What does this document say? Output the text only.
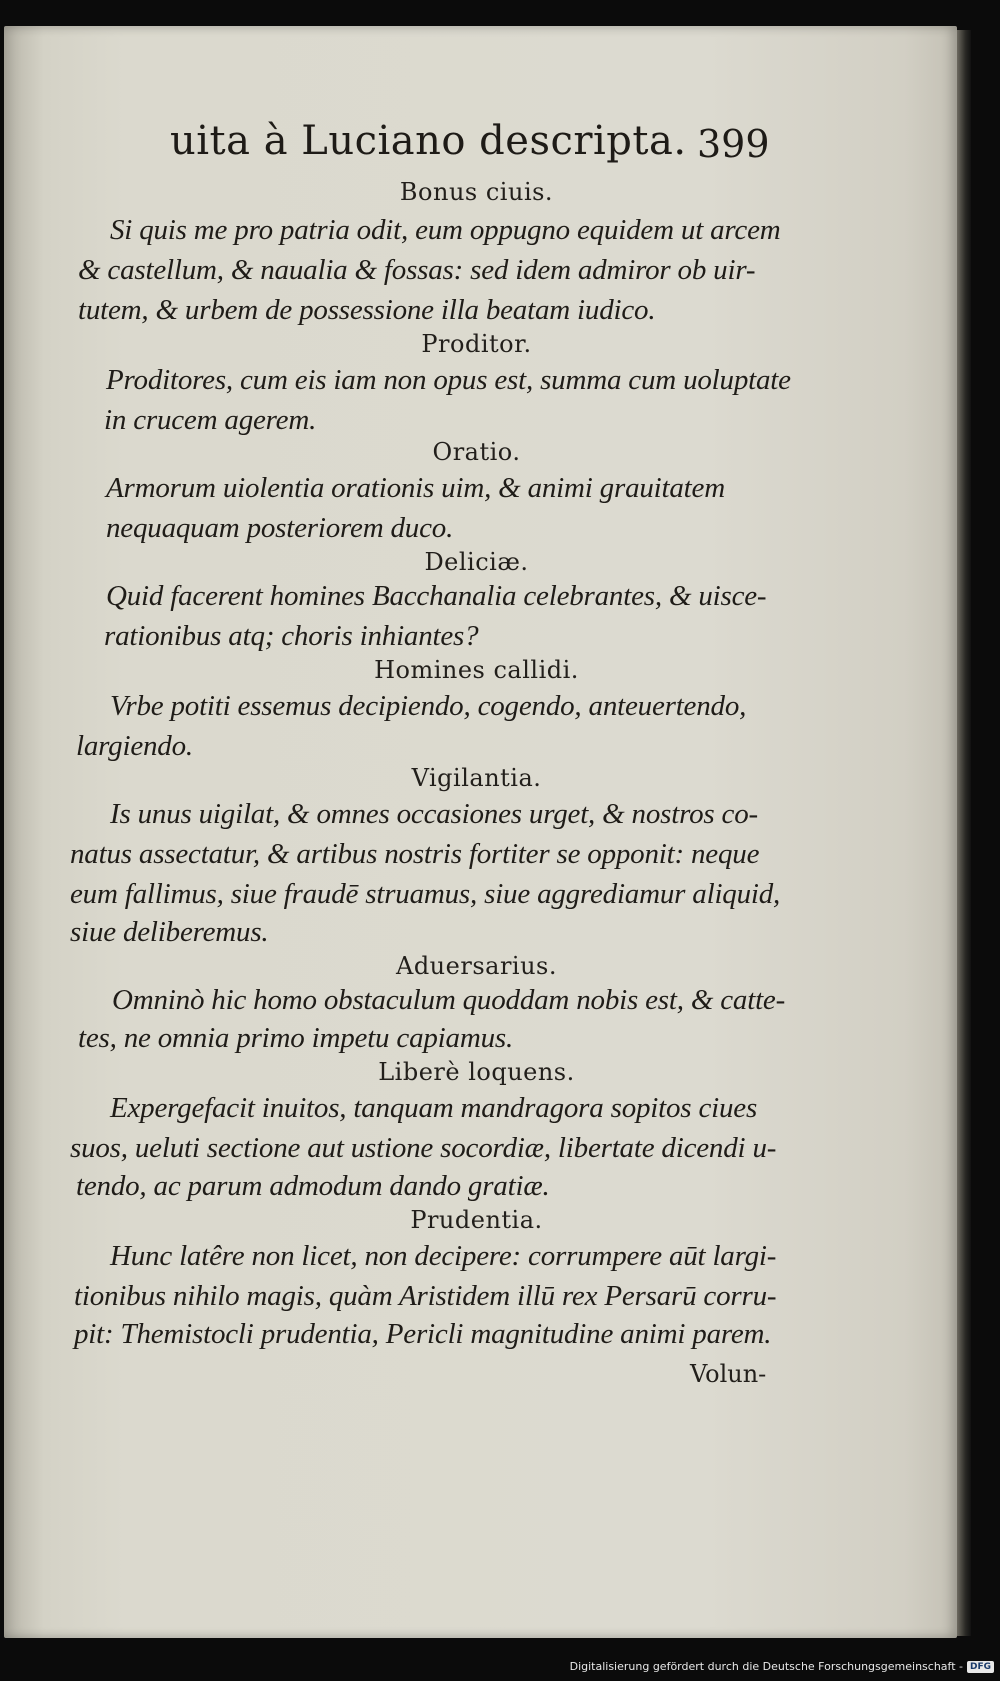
uita à Luciano descripta. 399
Bonus ciuis.
Si quis me pro patria odit, eum oppugno equidem ut arcem
& castellum, & naualia & fossas: sed idem admiror ob uir-
tutem, & urbem de possessione illa beatam iudico.
Proditor.
Proditores, cum eis iam non opus est, summa cum uoluptate
in crucem agerem.
Oratio.
Armorum uiolentia orationis uim, & animi grauitatem
nequaquam posteriorem duco.
Deliciæ.
Quid facerent homines Bacchanalia celebrantes, & uisce-
rationibus atq; choris inhiantes?
Homines callidi.
Vrbe potiti essemus decipiendo, cogendo, anteuertendo,
largiendo.
Vigilantia.
Is unus uigilat, & omnes occasiones urget, & nostros co-
natus assectatur, & artibus nostris fortiter se opponit: neque
eum fallimus, siue fraudē struamus, siue aggrediamur aliquid,
siue deliberemus.
Aduersarius.
Omninò hic homo obstaculum quoddam nobis est, & catte-
tes, ne omnia primo impetu capiamus.
Liberè loquens.
Expergefacit inuitos, tanquam mandragora sopitos ciues
suos, ueluti sectione aut ustione socordiæ, libertate dicendi u-
tendo, ac parum admodum dando gratiæ.
Prudentia.
Hunc latêre non licet, non decipere: corrumpere aūt largi-
tionibus nihilo magis, quàm Aristidem illū rex Persarū corru-
pit: Themistocli prudentia, Pericli magnitudine animi parem.
Volun-
Digitalisierung gefördert durch die Deutsche Forschungsgemeinschaft - DFG
